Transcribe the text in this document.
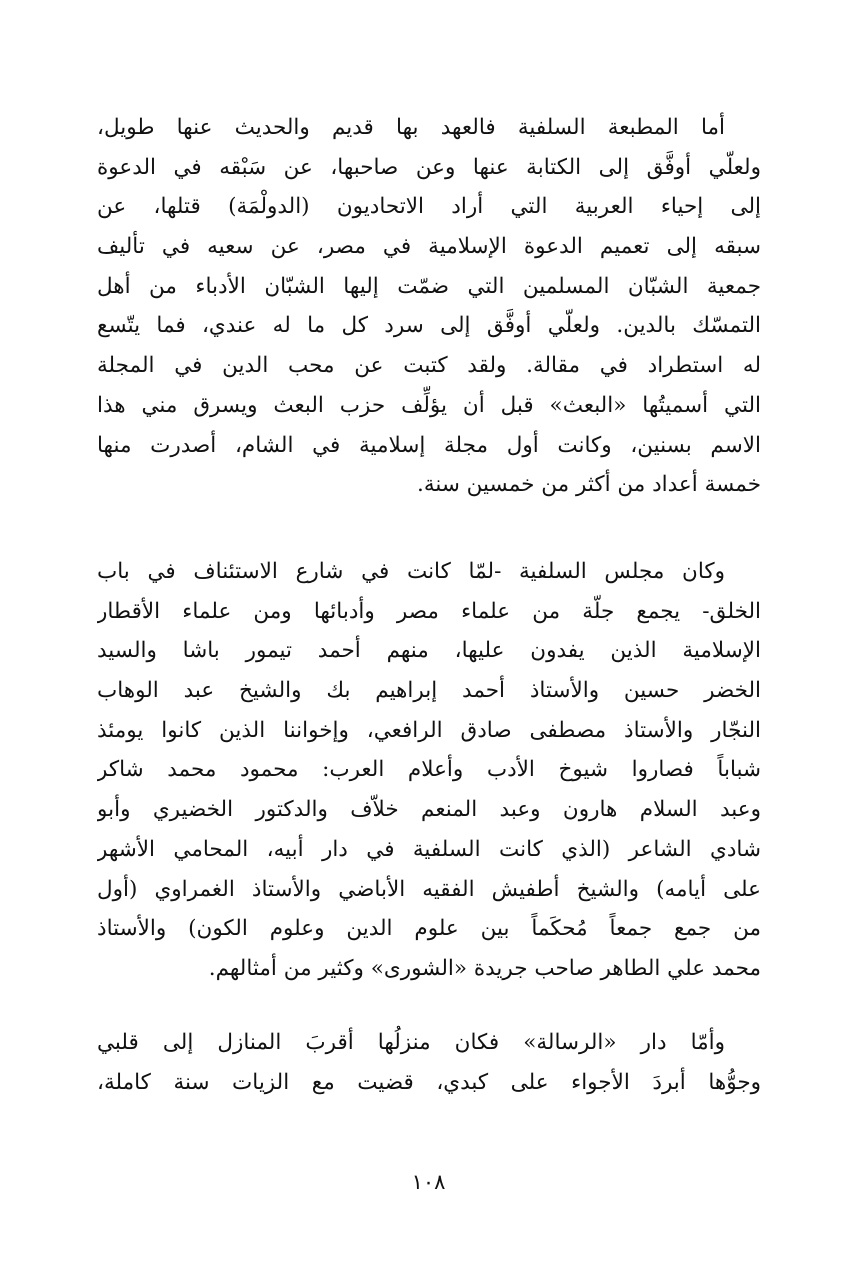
أما المطبعة السلفية فالعهد بها قديم والحديث عنها طويل،
ولعلّي أوفَّق إلى الكتابة عنها وعن صاحبها، عن سَبْقه في الدعوة
إلى إحياء العربية التي أراد الاتحاديون (الدولْمَة) قتلها، عن
سبقه إلى تعميم الدعوة الإسلامية في مصر، عن سعيه في تأليف
جمعية الشبّان المسلمين التي ضمّت إليها الشبّان الأدباء من أهل
التمسّك بالدين. ولعلّي أوفَّق إلى سرد كل ما له عندي، فما يتّسع
له استطراد في مقالة. ولقد كتبت عن محب الدين في المجلة
التي أسميتُها «البعث» قبل أن يؤلِّف حزب البعث ويسرق مني هذا
الاسم بسنين، وكانت أول مجلة إسلامية في الشام، أصدرت منها
خمسة أعداد من أكثر من خمسين سنة.
وكان مجلس السلفية -لمّا كانت في شارع الاستئناف في باب
الخلق- يجمع جلّة من علماء مصر وأدبائها ومن علماء الأقطار
الإسلامية الذين يفدون عليها، منهم أحمد تيمور باشا والسيد
الخضر حسين والأستاذ أحمد إبراهيم بك والشيخ عبد الوهاب
النجّار والأستاذ مصطفى صادق الرافعي، وإخواننا الذين كانوا يومئذ
شباباً فصاروا شيوخ الأدب وأعلام العرب: محمود محمد شاكر
وعبد السلام هارون وعبد المنعم خلاّف والدكتور الخضيري وأبو
شادي الشاعر (الذي كانت السلفية في دار أبيه، المحامي الأشهر
على أيامه) والشيخ أطفيش الفقيه الأباضي والأستاذ الغمراوي (أول
من جمع جمعاً مُحكَماً بين علوم الدين وعلوم الكون) والأستاذ
محمد علي الطاهر صاحب جريدة «الشورى» وكثير من أمثالهم.
وأمّا دار «الرسالة» فكان منزلُها أقربَ المنازل إلى قلبي
وجوُّها أبردَ الأجواء على كبدي، قضيت مع الزيات سنة كاملة،
١٠٨
